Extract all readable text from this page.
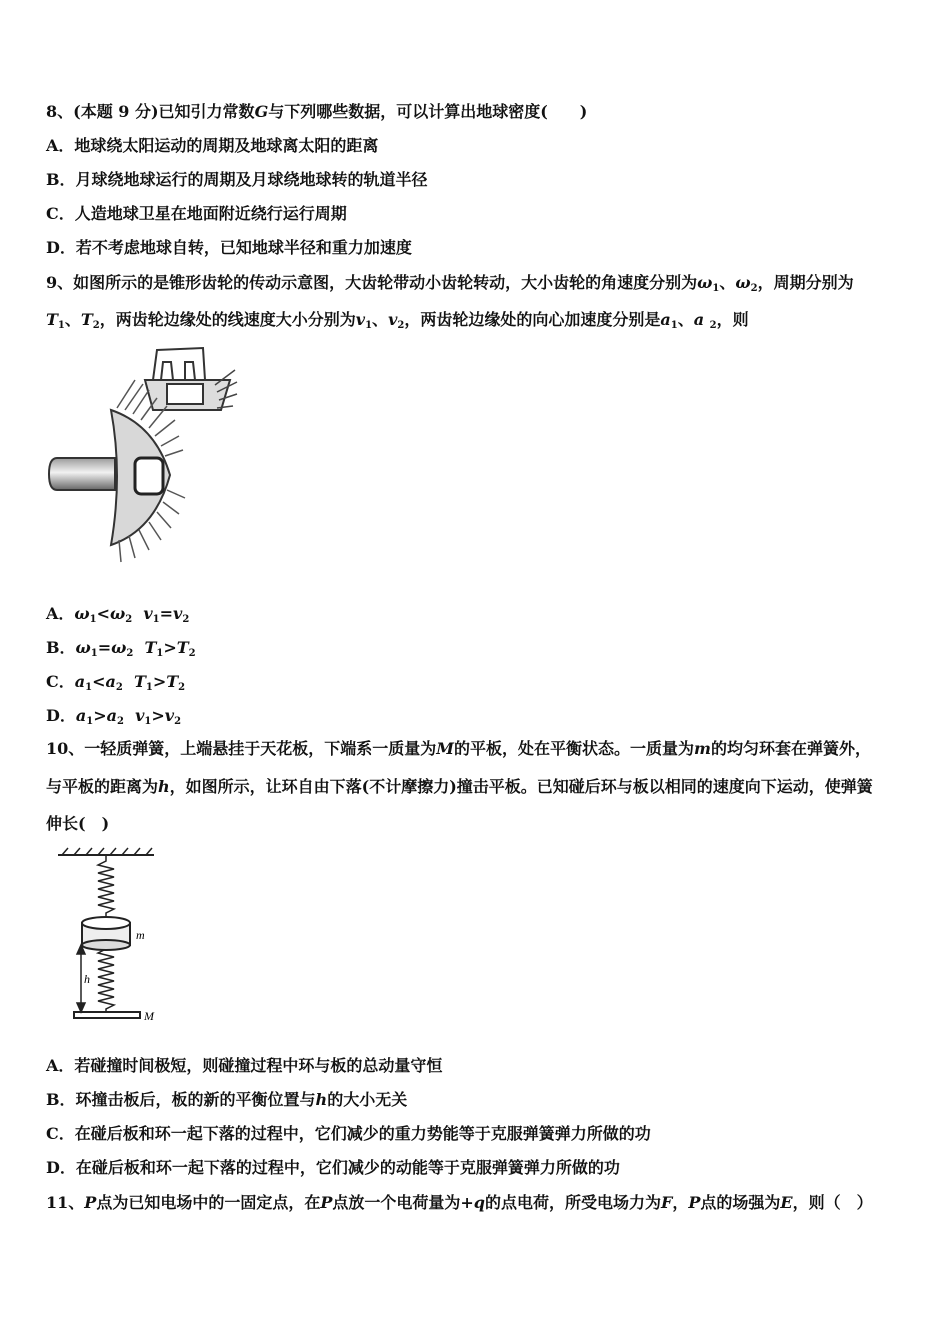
8、(本题 9 分)已知引力常数G与下列哪些数据，可以计算出地球密度(　　)
A．地球绕太阳运动的周期及地球离太阳的距离
B．月球绕地球运行的周期及月球绕地球转的轨道半径
C．人造地球卫星在地面附近绕行运行周期
D．若不考虑地球自转，已知地球半径和重力加速度
9、如图所示的是锥形齿轮的传动示意图，大齿轮带动小齿轮转动，大小齿轮的角速度分别为$\omega_1$、$\omega_2$，周期分别为
$T_1$、$T_2$，两齿轮边缘处的线速度大小分别为$v_1$、$v_2$，两齿轮边缘处的向心加速度分别是$a_1$、a $_2$，则
A．$\omega_1<\omega_2$ $v_1=v_2$
B．$\omega_1=\omega_2$ $T_1>T_2$
C．$a_1<a_2$ $T_1>T_2$
D．$a_1>a_2$ $v_1>v_2$
10、一轻质弹簧，上端悬挂于天花板，下端系一质量为M的平板，处在平衡状态。一质量为m的均匀环套在弹簧外，
与平板的距离为h，如图所示，让环自由下落(不计摩擦力)撞击平板。已知碰后环与板以相同的速度向下运动，使弹簧
伸长(　)
m
h
M
A．若碰撞时间极短，则碰撞过程中环与板的总动量守恒
B．环撞击板后，板的新的平衡位置与h的大小无关
C．在碰后板和环一起下落的过程中，它们减少的重力势能等于克服弹簧弹力所做的功
D．在碰后板和环一起下落的过程中，它们减少的动能等于克服弹簧弹力所做的功
11、P点为已知电场中的一固定点，在P点放一个电荷量为+q的点电荷，所受电场力为F，P点的场强为E，则（　）
